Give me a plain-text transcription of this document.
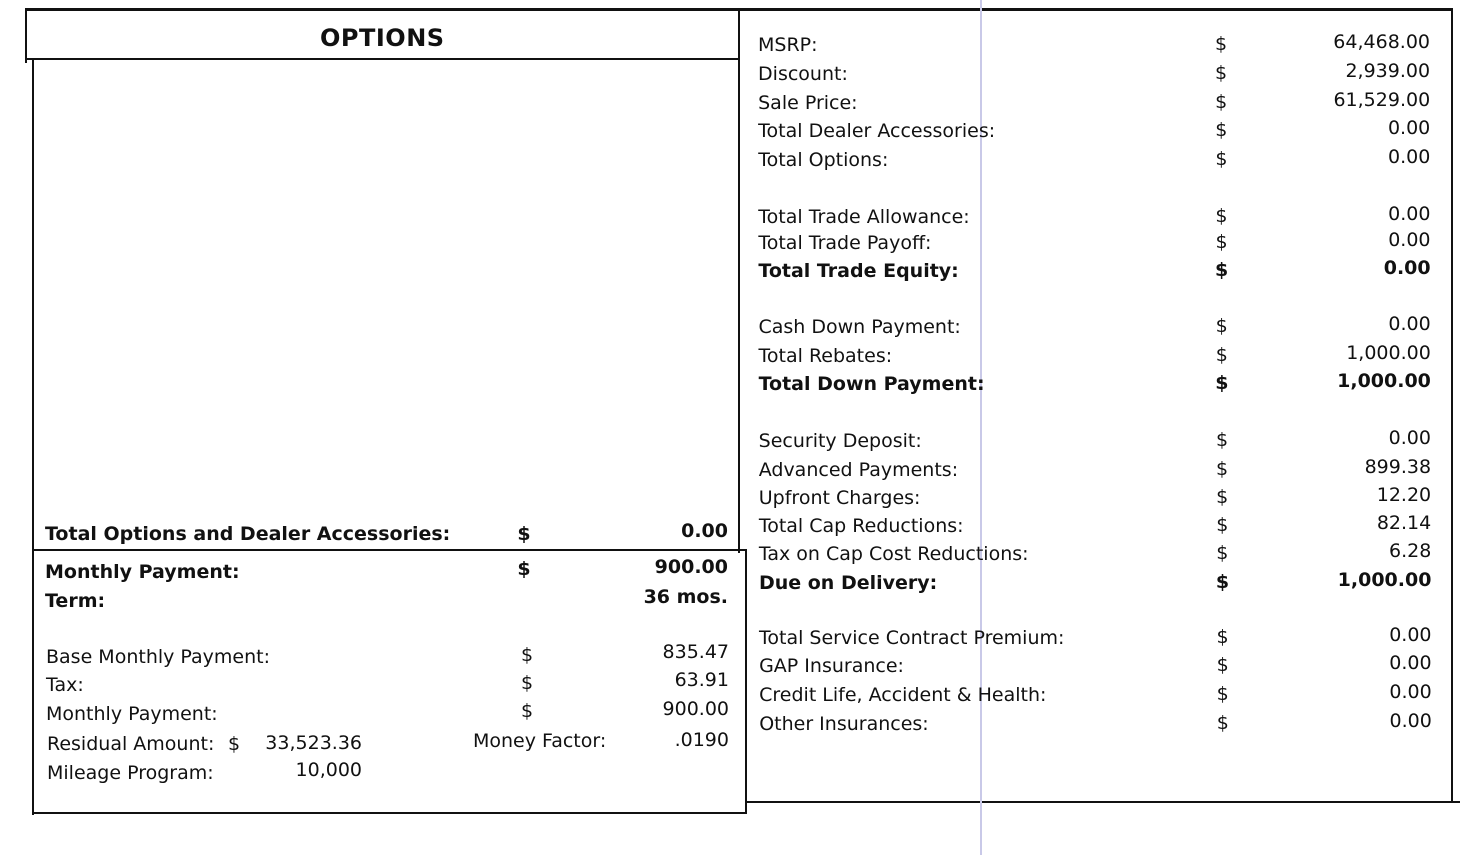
OPTIONS
Total Options and Dealer Accessories:	$	0.00
Monthly Payment:	$	900.00
Term:	36 mos.
Base Monthly Payment:	$	835.47
Tax:	$	63.91
Monthly Payment:	$	900.00
Residual Amount: $	33,523.36	Money Factor:	.0190
Mileage Program:	10,000
MSRP:	$	64,468.00
Discount:	$	2,939.00
Sale Price:	$	61,529.00
Total Dealer Accessories:	$	0.00
Total Options:	$	0.00
Total Trade Allowance:	$	0.00
Total Trade Payoff:	$	0.00
Total Trade Equity:	$	0.00
Cash Down Payment:	$	0.00
Total Rebates:	$	1,000.00
Total Down Payment:	$	1,000.00
Security Deposit:	$	0.00
Advanced Payments:	$	899.38
Upfront Charges:	$	12.20
Total Cap Reductions:	$	82.14
Tax on Cap Cost Reductions:	$	6.28
Due on Delivery:	$	1,000.00
Total Service Contract Premium:	$	0.00
GAP Insurance:	$	0.00
Credit Life, Accident & Health:	$	0.00
Other Insurances:	$	0.00
